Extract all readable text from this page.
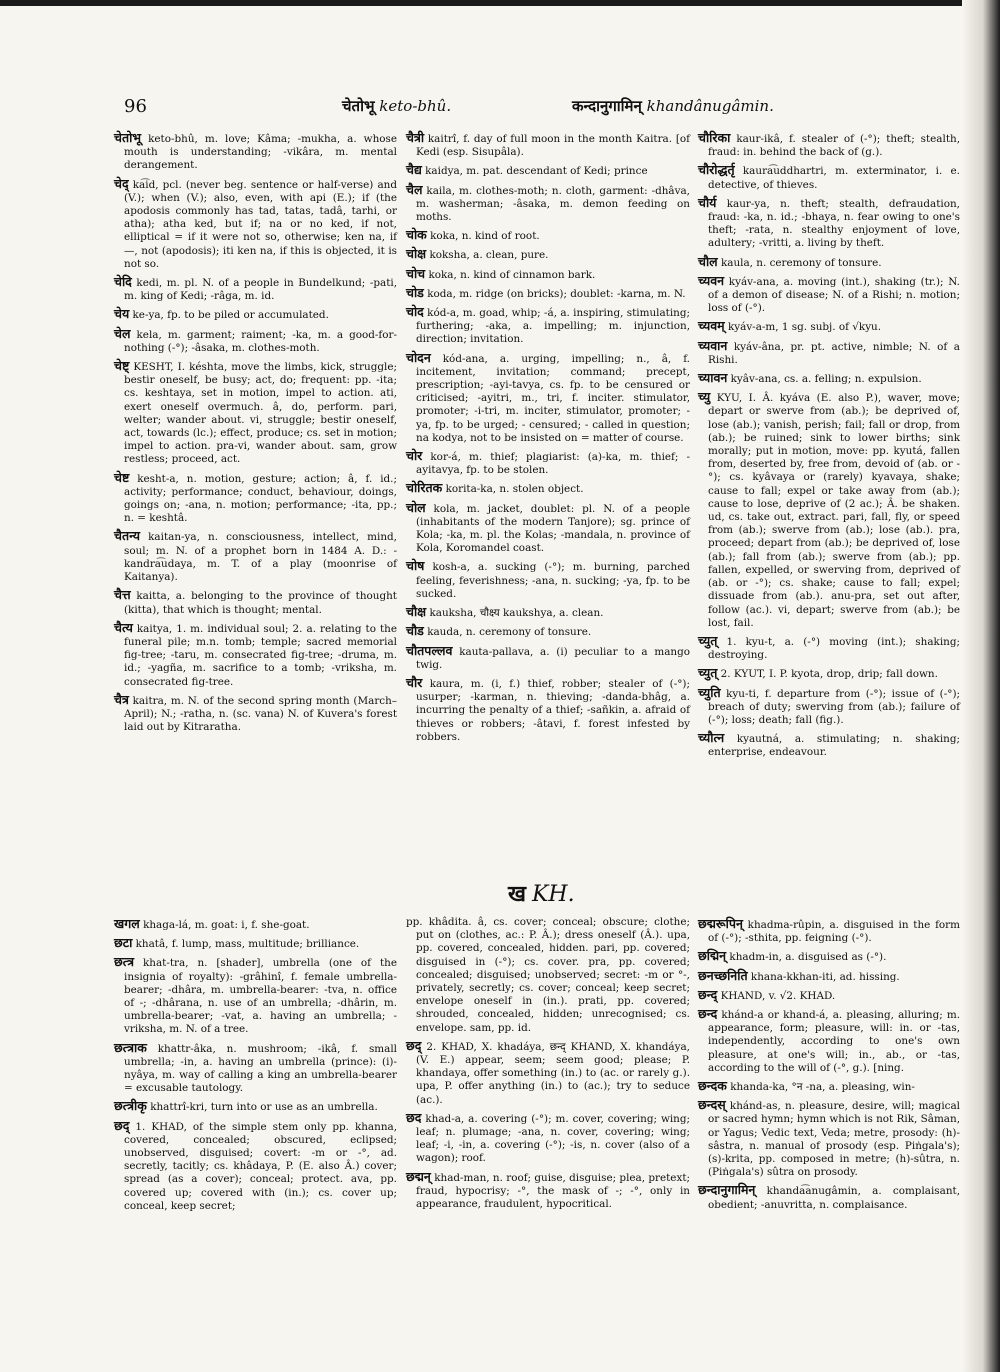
96	चेतोभू keto-bhû.	कन्दानुगामिन् khandânugâmin.

चेतोभू keto-bhû, m. love; Kâma; -mukha, a. whose mouth is understanding; -vikâra, m. mental derangement.

चेद् ka͡id, pcl. (never beg. sentence or half-verse) and (V.); when (V.); also, even, with api (E.); if (the apodosis commonly has tad, tatas, tadâ, tarhi, or atha); atha ked, but if; na or no ked, if not, elliptical = if it were not so, otherwise; ken na, if —, not (apodosis); iti ken na, if this is objected, it is not so.

चेदि kedi, m. pl. N. of a people in Bundelkund; -pati, m. king of Kedi; -râga, m. id.

चेय ke-ya, fp. to be piled or accumulated.

चेल kela, m. garment; raiment; -ka, m. a good-for-nothing (-°); -âsaka, m. clothes-moth.

चेष्ट् KESHT, I. késhta, move the limbs, kick, struggle; bestir oneself, be busy; act, do; frequent: pp. -ita; cs. keshtaya, set in motion, impel to action. ati, exert oneself overmuch. â, do, perform. pari, welter; wander about. vi, struggle; bestir oneself, act, towards (lc.); effect, produce; cs. set in motion; impel to action. pra-vi, wander about. sam, grow restless; proceed, act.

चेष्ट kesht-a, n. motion, gesture; action; â, f. id.; activity; performance; conduct, behaviour, doings, goings on; -ana, n. motion; performance; -ita, pp.; n. = keshtâ.

चैतन्य kaitan-ya, n. consciousness, intellect, mind, soul; m. N. of a prophet born in 1484 A. D.: -kandra͡udaya, m. T. of a play (moonrise of Kaitanya).

चैत्त kaitta, a. belonging to the province of thought (kitta), that which is thought; mental.

चैत्य kaitya, 1. m. individual soul; 2. a. relating to the funeral pile; m.n. tomb; temple; sacred memorial fig-tree; -taru, m. consecrated fig-tree; -druma, m. id.; -yagña, m. sacrifice to a tomb; -vriksha, m. consecrated fig-tree.

चैत्र kaitra, m. N. of the second spring month (March–April); N.; -ratha, n. (sc. vana) N. of Kuvera's forest laid out by Kitraratha.

चैत्री kaitrî, f. day of full moon in the month Kaitra. [of Kedi (esp. Sisupâla).

चैद्य kaidya, m. pat. descendant of Kedi; prince

चैल kaila, m. clothes-moth; n. cloth, garment: -dhâva, m. washerman; -âsaka, m. demon feeding on moths.

चोक koka, n. kind of root.

चोक्ष koksha, a. clean, pure.

चोच koka, n. kind of cinnamon bark.

चोड koda, m. ridge (on bricks); doublet: -karna, m. N.

चोद kód-a, m. goad, whip; -á, a. inspiring, stimulating; furthering; -aka, a. impelling; m. injunction, direction; invitation.

चोदन kód-ana, a. urging, impelling; n., â, f. incitement, invitation; command; precept, prescription; -ayi-tavya, cs. fp. to be censured or criticised; -ayitri, m., tri, f. inciter. stimulator, promoter; -i-tri, m. inciter, stimulator, promoter; -ya, fp. to be urged; - censured; - called in question; na kodya, not to be insisted on = matter of course.

चोर kor-á, m. thief; plagiarist: (a)-ka, m. thief; -ayitavya, fp. to be stolen.

चोरितक korita-ka, n. stolen object.

चोल kola, m. jacket, doublet: pl. N. of a people (inhabitants of the modern Tanjore); sg. prince of Kola; -ka, m. pl. the Kolas; -mandala, n. province of Kola, Koromandel coast.

चोष kosh-a, a. sucking (-°); m. burning, parched feeling, feverishness; -ana, n. sucking; -ya, fp. to be sucked.

चौक्ष kauksha, चौक्ष्य kaukshya, a. clean.

चौड kauda, n. ceremony of tonsure.

चौतपल्लव kauta-pallava, a. (i) peculiar to a mango twig.

चौर kaura, m. (i, f.) thief, robber; stealer of (-°); usurper; -karman, n. thieving; -danda-bhâg, a. incurring the penalty of a thief; -sañkin, a. afraid of thieves or robbers; -âtavi, f. forest infested by robbers.

चौरिका kaur-ikâ, f. stealer of (-°); theft; stealth, fraud: in. behind the back of (g.).

चौरोद्धर्तृ kaura͡uddhartri, m. exterminator, i. e. detective, of thieves.

चौर्य kaur-ya, n. theft; stealth, defraudation, fraud: -ka, n. id.; -bhaya, n. fear owing to one's theft; -rata, n. stealthy enjoyment of love, adultery; -vritti, a. living by theft.

चौल kaula, n. ceremony of tonsure.

च्यवन kyáv-ana, a. moving (int.), shaking (tr.); N. of a demon of disease; N. of a Rishi; n. motion; loss of (-°).

च्यवम् kyáv-a-m, 1 sg. subj. of √kyu.

च्यवान kyáv-âna, pr. pt. active, nimble; N. of a Rishi.

च्यावन kyâv-ana, cs. a. felling; n. expulsion.

च्यु KYU, I. Â. kyáva (E. also P.), waver, move; depart or swerve from (ab.); be deprived of, lose (ab.); vanish, perish; fail; fall or drop, from (ab.); be ruined; sink to lower births; sink morally; put in motion, move: pp. kyutá, fallen from, deserted by, free from, devoid of (ab. or -°); cs. kyâvaya or (rarely) kyavaya, shake; cause to fall; expel or take away from (ab.); cause to lose, deprive of (2 ac.); Â. be shaken. ud, cs. take out, extract. pari, fall, fly, or speed from (ab.); swerve from (ab.); lose (ab.). pra, proceed; depart from (ab.); be deprived of, lose (ab.); fall from (ab.); swerve from (ab.); pp. fallen, expelled, or swerving from, deprived of (ab. or -°); cs. shake; cause to fall; expel; dissuade from (ab.). anu-pra, set out after, follow (ac.). vi, depart; swerve from (ab.); be lost, fail.

च्युत् 1. kyu-t, a. (-°) moving (int.); shaking; destroying.

च्युत् 2. KYUT, I. P. kyota, drop, drip; fall down.

च्युति kyu-ti, f. departure from (-°); issue of (-°); breach of duty; swerving from (ab.); failure of (-°); loss; death; fall (fig.).

च्यौत्न kyautná, a. stimulating; n. shaking; enterprise, endeavour.

ख KH.

खगल khaga-lá, m. goat: i, f. she-goat.

छटा khatâ, f. lump, mass, multitude; brilliance.

छत्त्र khat-tra, n. [shader], umbrella (one of the insignia of royalty): -grâhinî, f. female umbrella-bearer; -dhâra, m. umbrella-bearer: -tva, n. office of -; -dhârana, n. use of an umbrella; -dhârin, m. umbrella-bearer; -vat, a. having an umbrella; -vriksha, m. N. of a tree.

छत्त्राक khattr-âka, n. mushroom; -ikâ, f. small umbrella; -in, a. having an umbrella (prince): (i)-nyâya, m. way of calling a king an umbrella-bearer = excusable tautology.

छत्त्रीकृ khattrî-kri, turn into or use as an umbrella.

छद् 1. KHAD, of the simple stem only pp. khanna, covered, concealed; obscured, eclipsed; unobserved, disguised; covert: -m or -°, ad. secretly, tacitly; cs. khâdaya, P. (E. also Â.) cover; spread (as a cover); conceal; protect. ava, pp. covered up; covered with (in.); cs. cover up; conceal, keep secret;

pp. khâdita. â, cs. cover; conceal; obscure; clothe; put on (clothes, ac.: P. Â.); dress oneself (Â.). upa, pp. covered, concealed, hidden. pari, pp. covered; disguised in (-°); cs. cover. pra, pp. covered; concealed; disguised; unobserved; secret: -m or °-, privately, secretly; cs. cover; conceal; keep secret; envelope oneself in (in.). prati, pp. covered; shrouded, concealed, hidden; unrecognised; cs. envelope. sam, pp. id.

छद् 2. KHAD, X. khadáya, छन्द् KHAND, X. khandáya, (V. E.) appear, seem; seem good; please; P. khandaya, offer something (in.) to (ac. or rarely g.). upa, P. offer anything (in.) to (ac.); try to seduce (ac.).

छद khad-a, a. covering (-°); m. cover, covering; wing; leaf; n. plumage; -ana, n. cover, covering; wing; leaf; -i, -in, a. covering (-°); -is, n. cover (also of a wagon); roof.

छद्मन् khad-man, n. roof; guise, disguise; plea, pretext; fraud, hypocrisy; -°, the mask of -; -°, only in appearance, fraudulent, hypocritical.

छद्मरूपिन् khadma-rûpin, a. disguised in the form of (-°); -sthita, pp. feigning (-°).

छद्मिन् khadm-in, a. disguised as (-°).

छनच्छनिति khana-kkhan-iti, ad. hissing.

छन्द् KHAND, v. √2. KHAD.

छन्द khánd-a or khand-á, a. pleasing, alluring; m. appearance, form; pleasure, will: in. or -tas, independently, according to one's own pleasure, at one's will; in., ab., or -tas, according to the will of (-°, g.). [ning.

छन्दक khanda-ka, °न -na, a. pleasing, win-

छन्दस् khánd-as, n. pleasure, desire, will; magical or sacred hymn; hymn which is not Rik, Sâman, or Yagus; Vedic text, Veda; metre, prosody: (h)-sâstra, n. manual of prosody (esp. Piṅgala's); (s)-krita, pp. composed in metre; (h)-sûtra, n. (Piṅgala's) sûtra on prosody.

छन्दानुगामिन् khanda͡anugâmin, a. complaisant, obedient; -anuvritta, n. complaisance.
